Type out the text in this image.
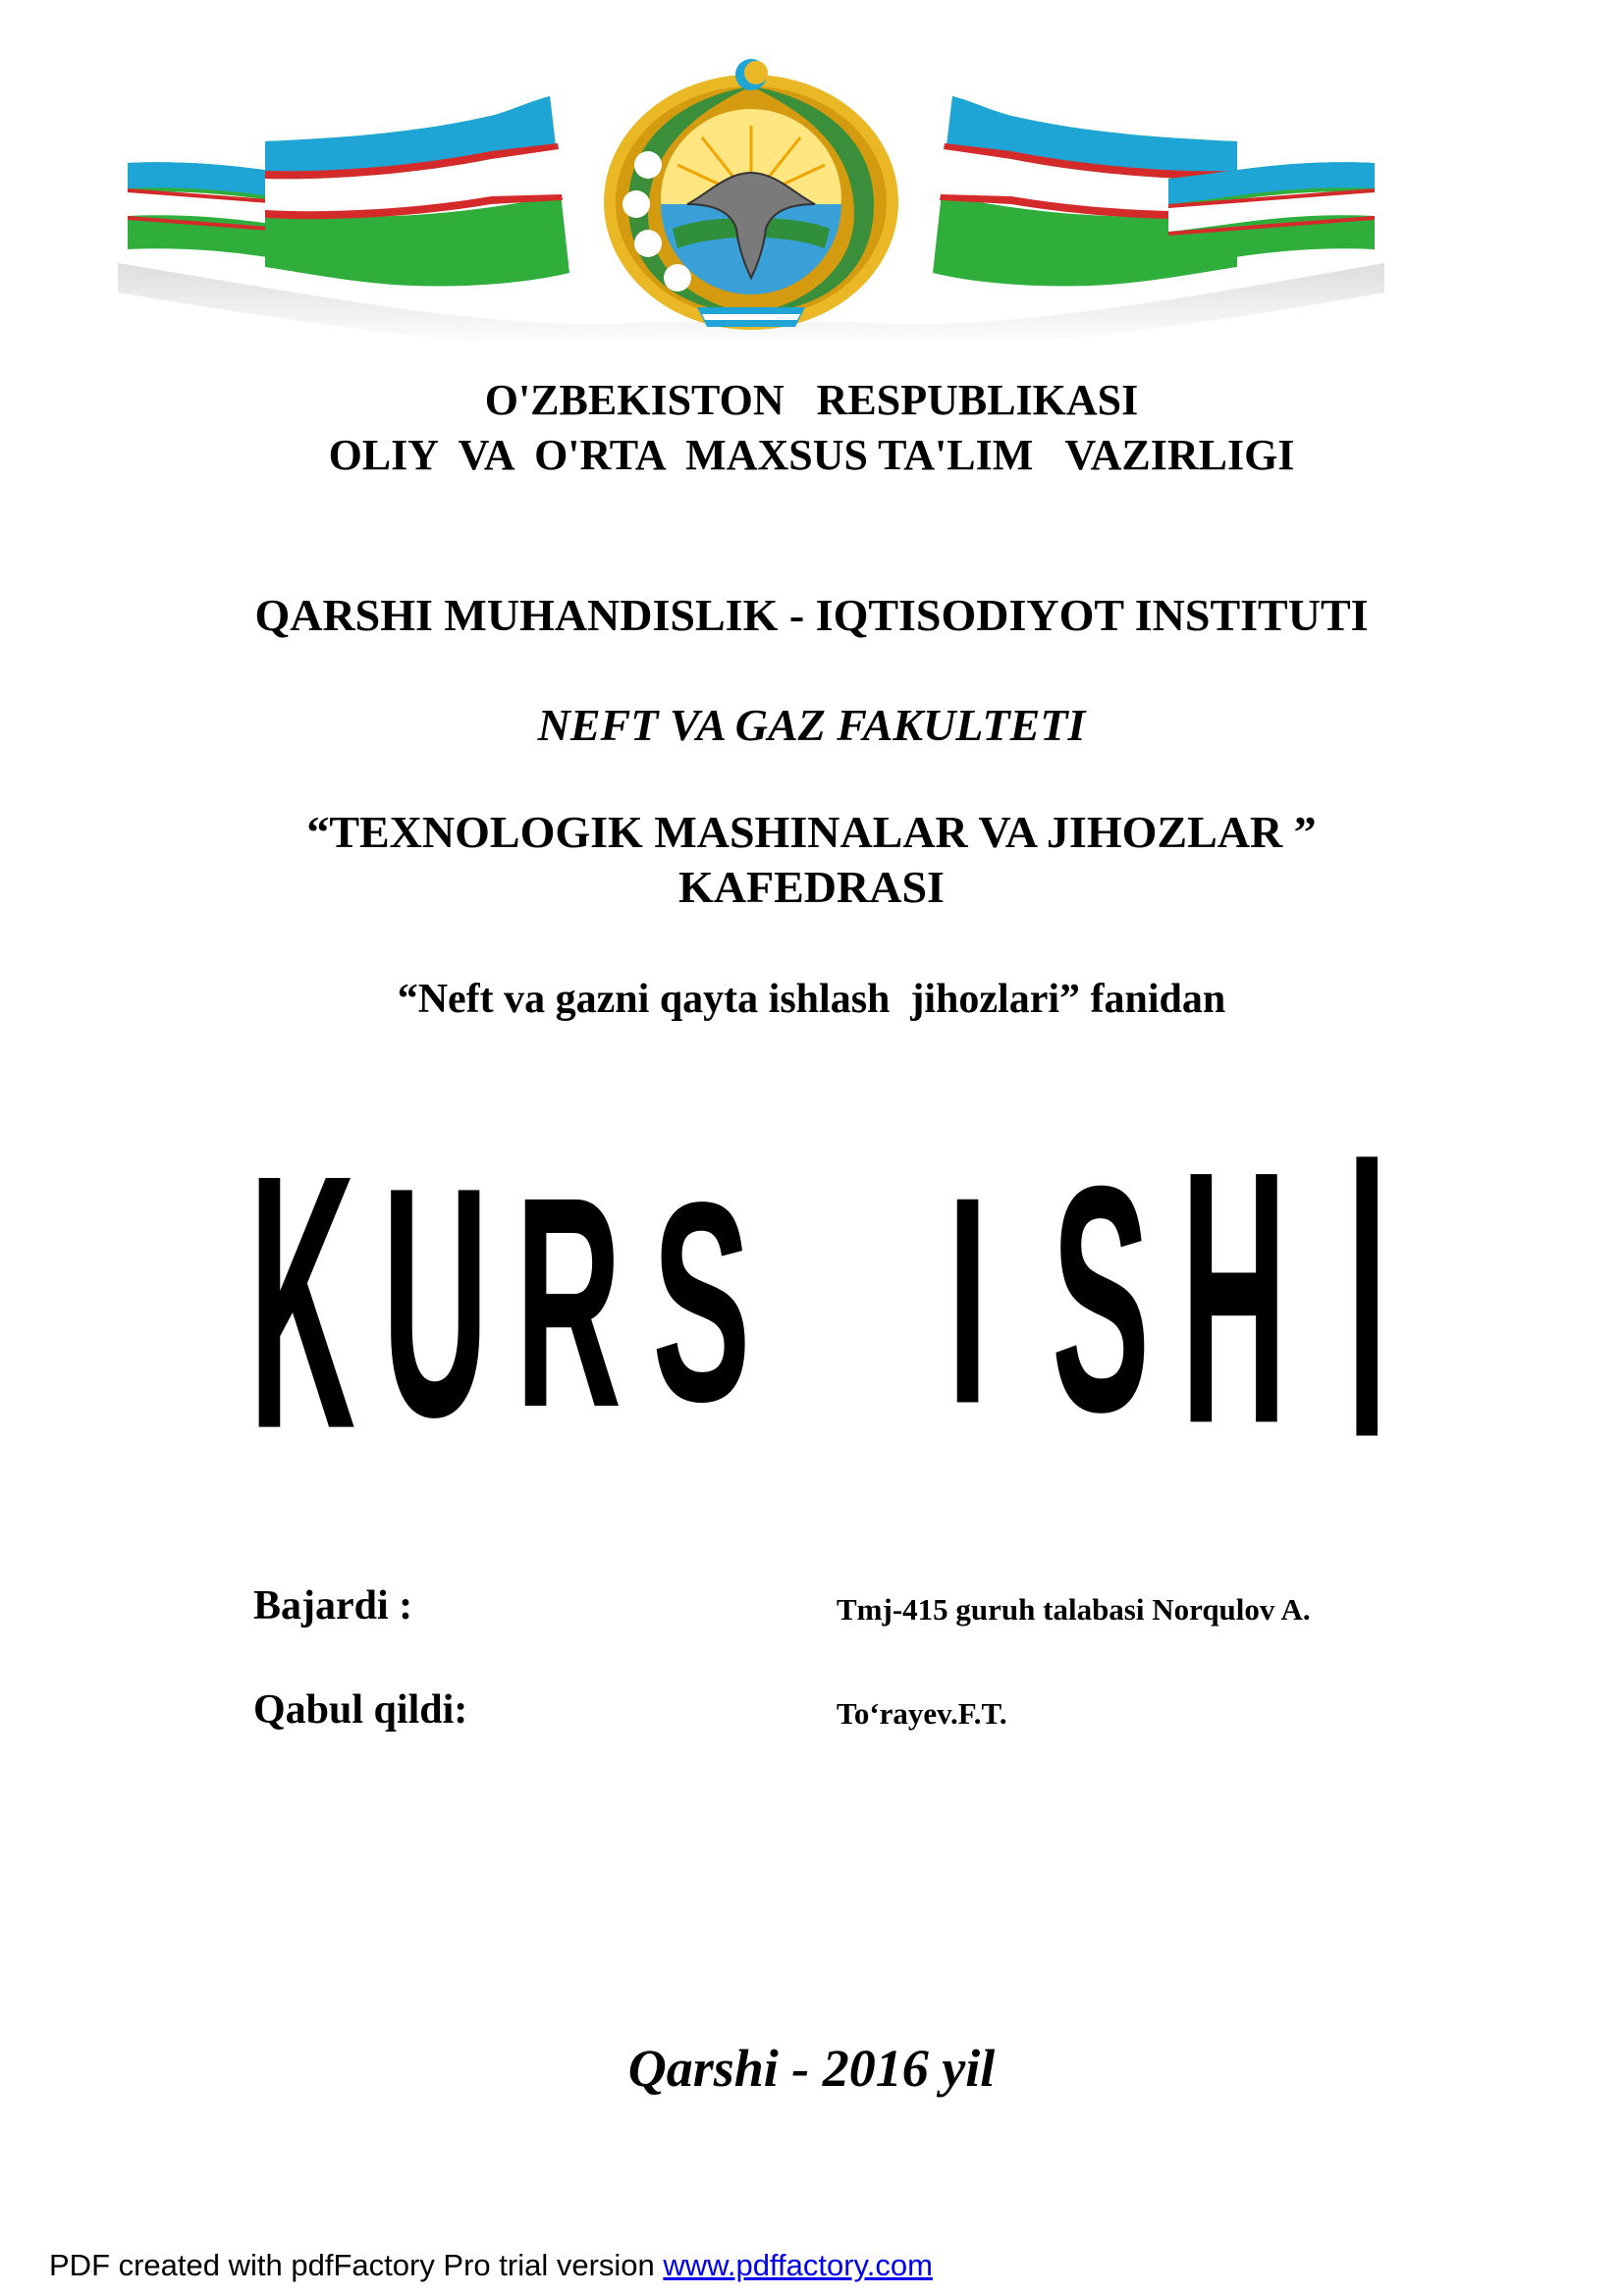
O'ZBEKISTON   RESPUBLIKASI
OLIY  VA  O'RTA  MAXSUS TA'LIM   VAZIRLIGI
QARSHI MUHANDISLIK - IQTISODIYOT INSTITUTI
NEFT VA GAZ FAKULTETI
“TEXNOLOGIK MASHINALAR VA JIHOZLAR ”
KAFEDRASI
“Neft va gazni qayta ishlash  jihozlari” fanidan
K U R S I S H I
Bajardi :	Tmj-415 guruh talabasi Norqulov A.
Qabul qildi:	To‘rayev.F.T.
Qarshi - 2016 yil
PDF created with pdfFactory Pro trial version www.pdffactory.com
